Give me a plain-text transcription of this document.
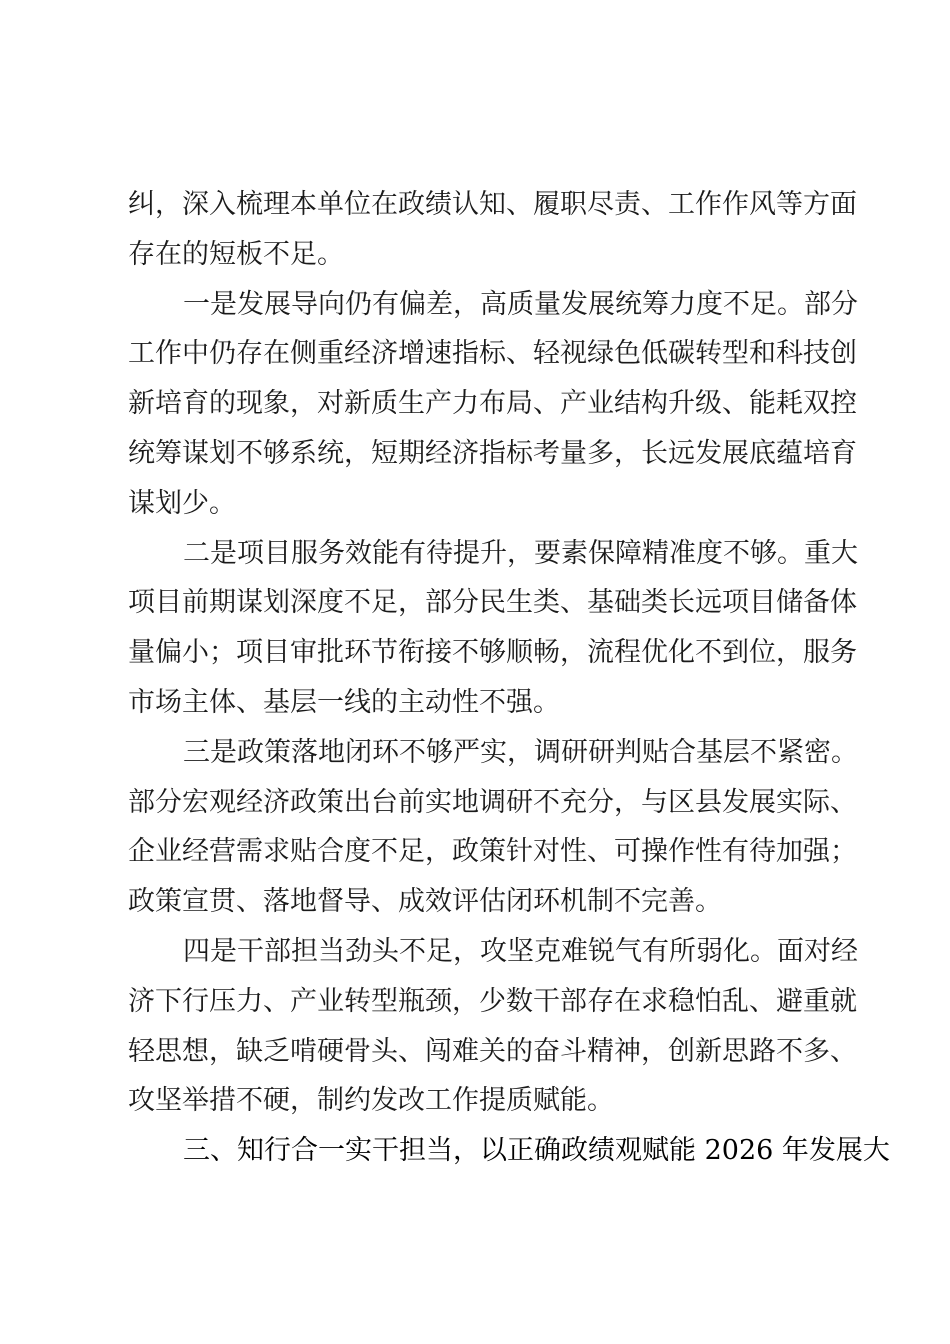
纠，深入梳理本单位在政绩认知、履职尽责、工作作风等方面
存在的短板不足。
一是发展导向仍有偏差，高质量发展统筹力度不足。部分
工作中仍存在侧重经济增速指标、轻视绿色低碳转型和科技创
新培育的现象，对新质生产力布局、产业结构升级、能耗双控
统筹谋划不够系统，短期经济指标考量多，长远发展底蕴培育
谋划少。
二是项目服务效能有待提升，要素保障精准度不够。重大
项目前期谋划深度不足，部分民生类、基础类长远项目储备体
量偏小；项目审批环节衔接不够顺畅，流程优化不到位，服务
市场主体、基层一线的主动性不强。
三是政策落地闭环不够严实，调研研判贴合基层不紧密。
部分宏观经济政策出台前实地调研不充分，与区县发展实际、
企业经营需求贴合度不足，政策针对性、可操作性有待加强；
政策宣贯、落地督导、成效评估闭环机制不完善。
四是干部担当劲头不足，攻坚克难锐气有所弱化。面对经
济下行压力、产业转型瓶颈，少数干部存在求稳怕乱、避重就
轻思想，缺乏啃硬骨头、闯难关的奋斗精神，创新思路不多、
攻坚举措不硬，制约发改工作提质赋能。
三、知行合一实干担当，以正确政绩观赋能 2026 年发展大
